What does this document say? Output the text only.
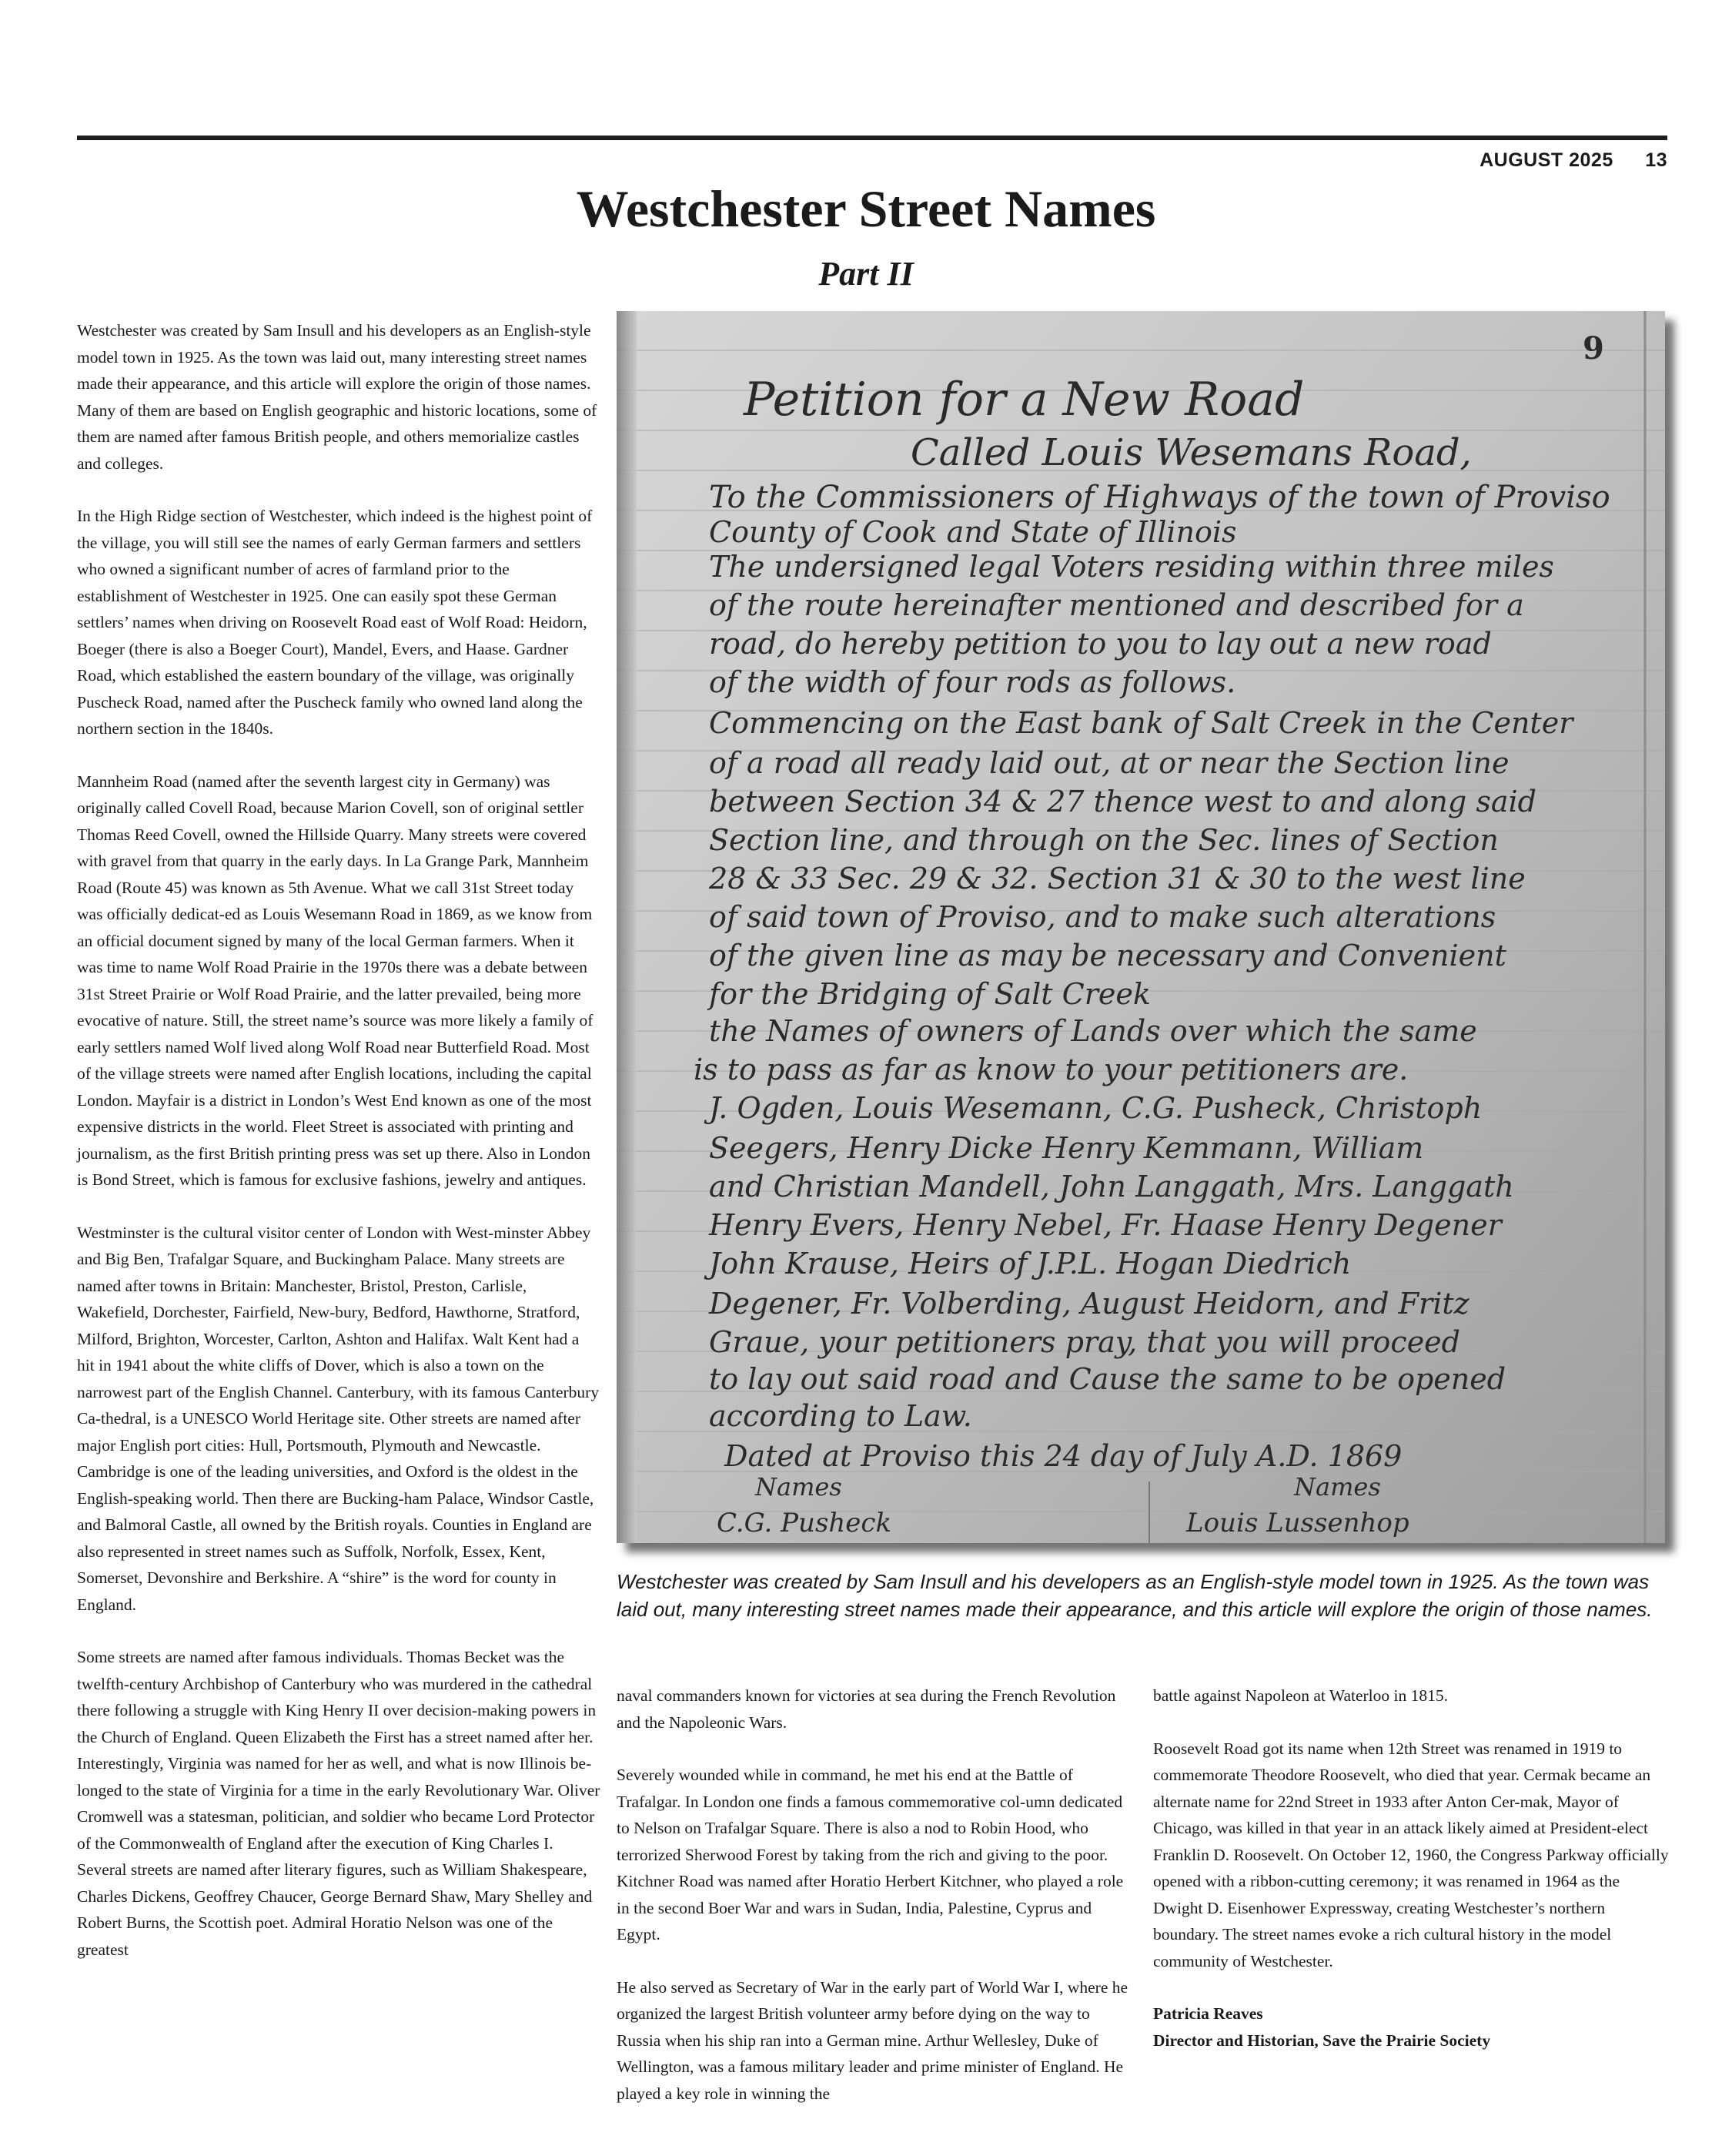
AUGUST 2025 13
Westchester Street Names
Part II

Westchester was created by Sam Insull and his developers as an English-style model town in 1925. As the town was laid out, many interesting street names made their appearance, and this article will explore the origin of those names. Many of them are based on English geographic and historic locations, some of them are named after famous British people, and others memorialize castles and colleges.

In the High Ridge section of Westchester, which indeed is the highest point of the village, you will still see the names of early German farmers and settlers who owned a significant number of acres of farmland prior to the establishment of Westchester in 1925. One can easily spot these German settlers’ names when driving on Roosevelt Road east of Wolf Road: Heidorn, Boeger (there is also a Boeger Court), Mandel, Evers, and Haase. Gardner Road, which established the eastern boundary of the village, was originally Puscheck Road, named after the Puscheck family who owned land along the northern section in the 1840s.

Mannheim Road (named after the seventh largest city in Germany) was originally called Covell Road, because Marion Covell, son of original settler Thomas Reed Covell, owned the Hillside Quarry. Many streets were covered with gravel from that quarry in the early days. In La Grange Park, Mannheim Road (Route 45) was known as 5th Avenue. What we call 31st Street today was officially dedicat-ed as Louis Wesemann Road in 1869, as we know from an official document signed by many of the local German farmers. When it was time to name Wolf Road Prairie in the 1970s there was a debate between 31st Street Prairie or Wolf Road Prairie, and the latter prevailed, being more evocative of nature. Still, the street name’s source was more likely a family of early settlers named Wolf lived along Wolf Road near Butterfield Road. Most of the village streets were named after English locations, including the capital London. Mayfair is a district in London’s West End known as one of the most expensive districts in the world. Fleet Street is associated with printing and journalism, as the first British printing press was set up there. Also in London is Bond Street, which is famous for exclusive fashions, jewelry and antiques.

Westminster is the cultural visitor center of London with West-minster Abbey and Big Ben, Trafalgar Square, and Buckingham Palace. Many streets are named after towns in Britain: Manchester, Bristol, Preston, Carlisle, Wakefield, Dorchester, Fairfield, New-bury, Bedford, Hawthorne, Stratford, Milford, Brighton, Worcester, Carlton, Ashton and Halifax. Walt Kent had a hit in 1941 about the white cliffs of Dover, which is also a town on the narrowest part of the English Channel. Canterbury, with its famous Canterbury Ca-thedral, is a UNESCO World Heritage site. Other streets are named after major English port cities: Hull, Portsmouth, Plymouth and Newcastle. Cambridge is one of the leading universities, and Oxford is the oldest in the English-speaking world. Then there are Bucking-ham Palace, Windsor Castle, and Balmoral Castle, all owned by the British royals. Counties in England are also represented in street names such as Suffolk, Norfolk, Essex, Kent, Somerset, Devonshire and Berkshire. A “shire” is the word for county in England.

Some streets are named after famous individuals. Thomas Becket was the twelfth-century Archbishop of Canterbury who was murdered in the cathedral there following a struggle with King Henry II over decision-making powers in the Church of England. Queen Elizabeth the First has a street named after her. Interestingly, Virginia was named for her as well, and what is now Illinois be-longed to the state of Virginia for a time in the early Revolutionary War. Oliver Cromwell was a statesman, politician, and soldier who became Lord Protector of the Commonwealth of England after the execution of King Charles I. Several streets are named after literary figures, such as William Shakespeare, Charles Dickens, Geoffrey Chaucer, George Bernard Shaw, Mary Shelley and Robert Burns, the Scottish poet. Admiral Horatio Nelson was one of the greatest

9
Petition for a New Road
Called Louis Wesemans Road,
To the Commissioners of Highways of the town of Proviso
County of Cook and State of Illinois
The undersigned legal Voters residing within three miles
of the route hereinafter mentioned and described for a
road, do hereby petition to you to lay out a new road
of the width of four rods as follows.
Commencing on the East bank of Salt Creek in the Center
of a road all ready laid out, at or near the Section line
between Section 34 & 27 thence west to and along said
Section line, and through on the Sec. lines of Section
28 & 33 Sec. 29 & 32. Section 31 & 30 to the west line
of said town of Proviso, and to make such alterations
of the given line as may be necessary and Convenient
for the Bridging of Salt Creek
the Names of owners of Lands over which the same
is to pass as far as know to your petitioners are.
J. Ogden, Louis Wesemann, C.G. Pusheck, Christoph
Seegers, Henry Dicke Henry Kemmann, William
and Christian Mandell, John Langgath, Mrs. Langgath
Henry Evers, Henry Nebel, Fr. Haase Henry Degener
John Krause, Heirs of J.P.L. Hogan Diedrich
Degener, Fr. Volberding, August Heidorn, and Fritz
Graue, your petitioners pray, that you will proceed
to lay out said road and Cause the same to be opened
according to Law.
Dated at Proviso this 24 day of July A.D. 1869
Names	Names
C.G. Pusheck	Louis Lussenhop

Westchester was created by Sam Insull and his developers as an English-style model town in 1925. As the town was laid out, many interesting street names made their appearance, and this article will explore the origin of those names.

naval commanders known for victories at sea during the French Revolution and the Napoleonic Wars.

Severely wounded while in command, he met his end at the Battle of Trafalgar. In London one finds a famous commemorative col-umn dedicated to Nelson on Trafalgar Square. There is also a nod to Robin Hood, who terrorized Sherwood Forest by taking from the rich and giving to the poor. Kitchner Road was named after Horatio Herbert Kitchner, who played a role in the second Boer War and wars in Sudan, India, Palestine, Cyprus and Egypt.

He also served as Secretary of War in the early part of World War I, where he organized the largest British volunteer army before dying on the way to Russia when his ship ran into a German mine. Arthur Wellesley, Duke of Wellington, was a famous military leader and prime minister of England. He played a key role in winning the

battle against Napoleon at Waterloo in 1815.

Roosevelt Road got its name when 12th Street was renamed in 1919 to commemorate Theodore Roosevelt, who died that year. Cermak became an alternate name for 22nd Street in 1933 after Anton Cer-mak, Mayor of Chicago, was killed in that year in an attack likely aimed at President-elect Franklin D. Roosevelt. On October 12, 1960, the Congress Parkway officially opened with a ribbon-cutting ceremony; it was renamed in 1964 as the Dwight D. Eisenhower Expressway, creating Westchester’s northern boundary. The street names evoke a rich cultural history in the model community of Westchester.

Patricia Reaves
Director and Historian, Save the Prairie Society
